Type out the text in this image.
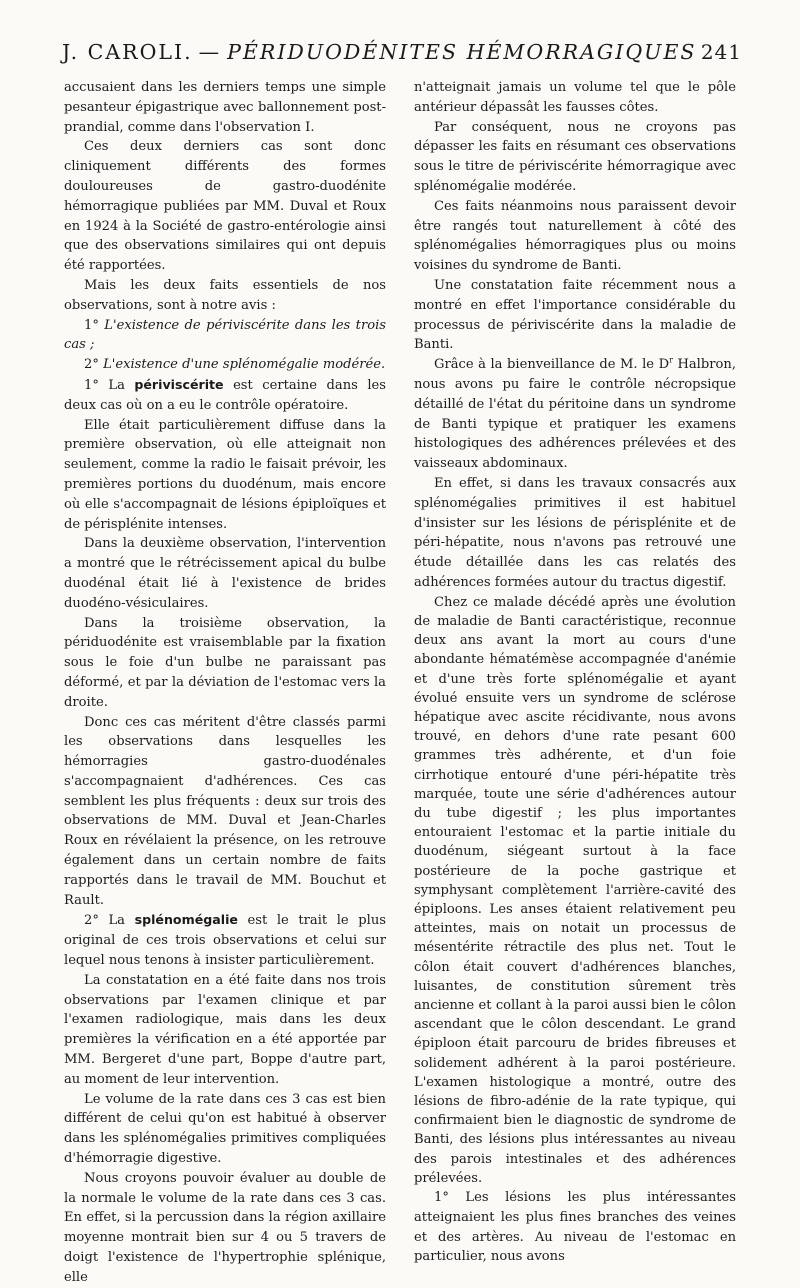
J. CAROLI. — PÉRIDUODÉNITES HÉMORRAGIQUES 241

accusaient dans les derniers temps une simple pesanteur épigastrique avec ballonnement post-prandial, comme dans l'observation I.

Ces deux derniers cas sont donc cliniquement différents des formes douloureuses de gastro-duodénite hémorragique publiées par MM. Duval et Roux en 1924 à la Société de gastro-entérologie ainsi que des observations similaires qui ont depuis été rapportées.

Mais les deux faits essentiels de nos observations, sont à notre avis :

1° L'existence de périviscérite dans les trois cas ;

2° L'existence d'une splénomégalie modérée.

1° La périviscérite est certaine dans les deux cas où on a eu le contrôle opératoire.

Elle était particulièrement diffuse dans la première observation, où elle atteignait non seulement, comme la radio le faisait prévoir, les premières portions du duodénum, mais encore où elle s'accompagnait de lésions épiploïques et de périsplénite intenses.

Dans la deuxième observation, l'intervention a montré que le rétrécissement apical du bulbe duodénal était lié à l'existence de brides duodéno-vésiculaires.

Dans la troisième observation, la périduodénite est vraisemblable par la fixation sous le foie d'un bulbe ne paraissant pas déformé, et par la déviation de l'estomac vers la droite.

Donc ces cas méritent d'être classés parmi les observations dans lesquelles les hémorragies gastro-duodénales s'accompagnaient d'adhérences. Ces cas semblent les plus fréquents : deux sur trois des observations de MM. Duval et Jean-Charles Roux en révélaient la présence, on les retrouve également dans un certain nombre de faits rapportés dans le travail de MM. Bouchut et Rault.

2° La splénomégalie est le trait le plus original de ces trois observations et celui sur lequel nous tenons à insister particulièrement.

La constatation en a été faite dans nos trois observations par l'examen clinique et par l'examen radiologique, mais dans les deux premières la vérification en a été apportée par MM. Bergeret d'une part, Boppe d'autre part, au moment de leur intervention.

Le volume de la rate dans ces 3 cas est bien différent de celui qu'on est habitué à observer dans les splénomégalies primitives compliquées d'hémorragie digestive.

Nous croyons pouvoir évaluer au double de la normale le volume de la rate dans ces 3 cas. En effet, si la percussion dans la région axillaire moyenne montrait bien sur 4 ou 5 travers de doigt l'existence de l'hypertrophie splénique, elle

n'atteignait jamais un volume tel que le pôle antérieur dépassât les fausses côtes.

Par conséquent, nous ne croyons pas dépasser les faits en résumant ces observations sous le titre de périviscérite hémorragique avec splénomégalie modérée.

Ces faits néanmoins nous paraissent devoir être rangés tout naturellement à côté des splénomégalies hémorragiques plus ou moins voisines du syndrome de Banti.

Une constatation faite récemment nous a montré en effet l'importance considérable du processus de périviscérite dans la maladie de Banti.

Grâce à la bienveillance de M. le $D^r$ Halbron, nous avons pu faire le contrôle nécropsique détaillé de l'état du péritoine dans un syndrome de Banti typique et pratiquer les examens histologiques des adhérences prélevées et des vaisseaux abdominaux.

En effet, si dans les travaux consacrés aux splénomégalies primitives il est habituel d'insister sur les lésions de périsplénite et de péri-hépatite, nous n'avons pas retrouvé une étude détaillée dans les cas relatés des adhérences formées autour du tractus digestif.

Chez ce malade décédé après une évolution de maladie de Banti caractéristique, reconnue deux ans avant la mort au cours d'une abondante hématémèse accompagnée d'anémie et d'une très forte splénomégalie et ayant évolué ensuite vers un syndrome de sclérose hépatique avec ascite récidivante, nous avons trouvé, en dehors d'une rate pesant 600 grammes très adhérente, et d'un foie cirrhotique entouré d'une péri-hépatite très marquée, toute une série d'adhérences autour du tube digestif ; les plus importantes entouraient l'estomac et la partie initiale du duodénum, siégeant surtout à la face postérieure de la poche gastrique et symphysant complètement l'arrière-cavité des épiploons. Les anses étaient relativement peu atteintes, mais on notait un processus de mésentérite rétractile des plus net. Tout le côlon était couvert d'adhérences blanches, luisantes, de constitution sûrement très ancienne et collant à la paroi aussi bien le côlon ascendant que le côlon descendant. Le grand épiploon était parcouru de brides fibreuses et solidement adhérent à la paroi postérieure. L'examen histologique a montré, outre des lésions de fibro-adénie de la rate typique, qui confirmaient bien le diagnostic de syndrome de Banti, des lésions plus intéressantes au niveau des parois intestinales et des adhérences prélevées.

1° Les lésions les plus intéressantes atteignaient les plus fines branches des veines et des artères. Au niveau de l'estomac en particulier, nous avons
